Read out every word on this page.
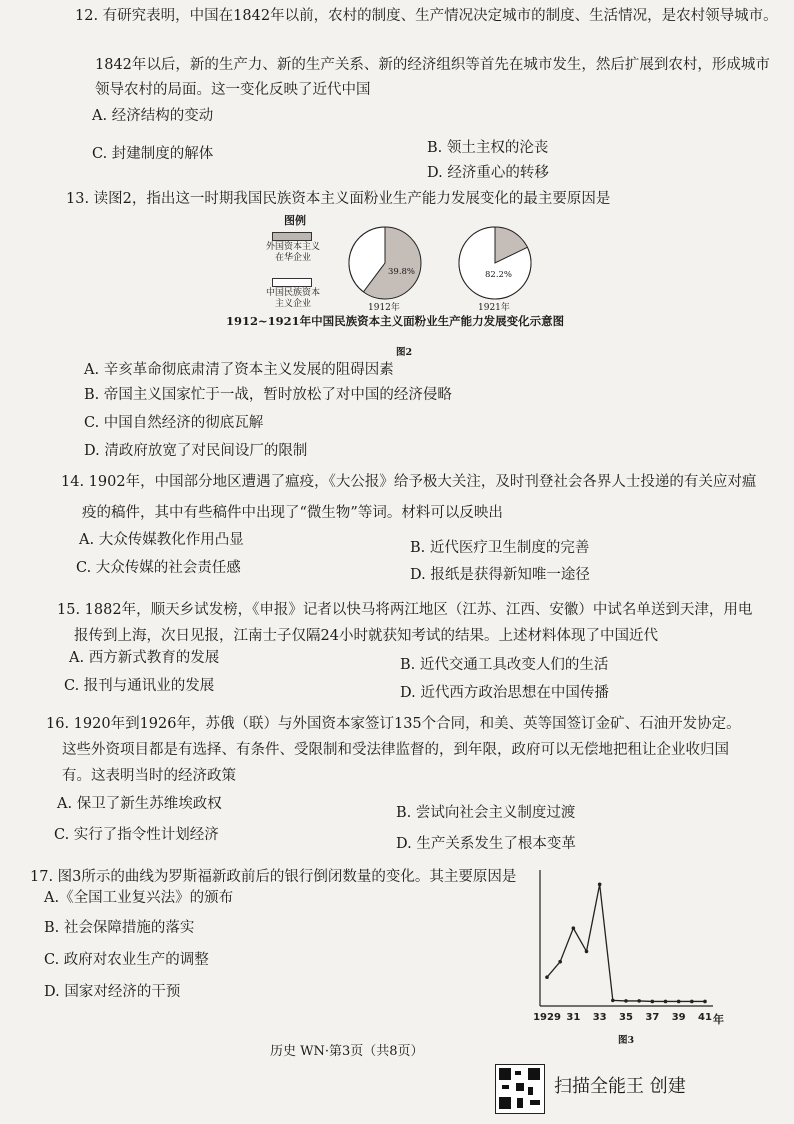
12. 有研究表明，中国在1842年以前，农村的制度、生产情况决定城市的制度、生活情况，是农村领导城市。
1842年以后，新的生产力、新的生产关系、新的经济组织等首先在城市发生，然后扩展到农村，形成城市
领导农村的局面。这一变化反映了近代中国
A. 经济结构的变动
B. 领土主权的沦丧
C. 封建制度的解体
D. 经济重心的转移
13. 读图2，指出这一时期我国民族资本主义面粉业生产能力发展变化的最主要原因是
图例
外国资本主义在华企业
中国民族资本主义企业
39.8%
1912年
82.2%
1921年
1912~1921年中国民族资本主义面粉业生产能力发展变化示意图
图2
A. 辛亥革命彻底肃清了资本主义发展的阻碍因素
B. 帝国主义国家忙于一战，暂时放松了对中国的经济侵略
C. 中国自然经济的彻底瓦解
D. 清政府放宽了对民间设厂的限制
14. 1902年，中国部分地区遭遇了瘟疫，《大公报》给予极大关注，及时刊登社会各界人士投递的有关应对瘟
疫的稿件，其中有些稿件中出现了“微生物”等词。材料可以反映出
A. 大众传媒教化作用凸显	B. 近代医疗卫生制度的完善
C. 大众传媒的社会责任感	D. 报纸是获得新知唯一途径
15. 1882年，顺天乡试发榜，《申报》记者以快马将两江地区（江苏、江西、安徽）中试名单送到天津，用电
报传到上海，次日见报，江南士子仅隔24小时就获知考试的结果。上述材料体现了中国近代
A. 西方新式教育的发展	B. 近代交通工具改变人们的生活
C. 报刊与通讯业的发展	D. 近代西方政治思想在中国传播
16. 1920年到1926年，苏俄（联）与外国资本家签订135个合同，和美、英等国签订金矿、石油开发协定。
这些外资项目都是有选择、有条件、受限制和受法律监督的，到年限，政府可以无偿地把租让企业收归国
有。这表明当时的经济政策
A. 保卫了新生苏维埃政权
B. 尝试向社会主义制度过渡
C. 实行了指令性计划经济
D. 生产关系发生了根本变革
17. 图3所示的曲线为罗斯福新政前后的银行倒闭数量的变化。其主要原因是
A.《全国工业复兴法》的颁布
B. 社会保障措施的落实
C. 政府对农业生产的调整
D. 国家对经济的干预
1929 31 33 35 37 39 41 年
图3
历史 WN·第3页（共8页）
扫描全能王 创建
